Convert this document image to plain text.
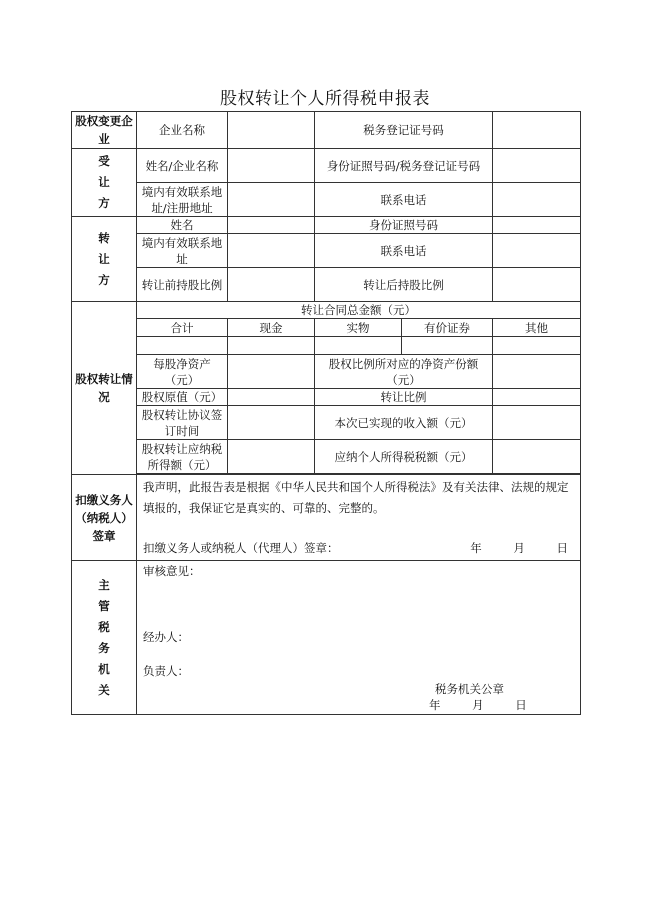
股权转让个人所得税申报表
股权变更企业	企业名称		税务登记证号码		
受让方	姓名/企业名称		身份证照号码/税务登记证号码		
	境内有效联系地址/注册地址		联系电话		
转让方	姓名		身份证照号码		
	境内有效联系地址		联系电话		
	转让前持股比例		转让后持股比例		
股权转让情况	转让合同总金额（元）				
	合计	现金	实物	有价证券	其他

	每股净资产（元）		股权比例所对应的净资产份额（元）		
	股权原值（元）		转让比例		
	股权转让协议签订时间		本次已实现的收入额（元）		
	股权转让应纳税所得额（元）		应纳个人所得税税额（元）		

扣缴义务人（纳税人）签章	我声明，此报告表是根据《中华人民共和国个人所得税法》及有关法律、法规的规定填报的，我保证它是真实的、可靠的、完整的。
扣缴义务人或纳税人（代理人）签章： 年 月 日				

主管税务机关	审核意见：
经办人：
负责人：
税务机关公章
年 月 日				
